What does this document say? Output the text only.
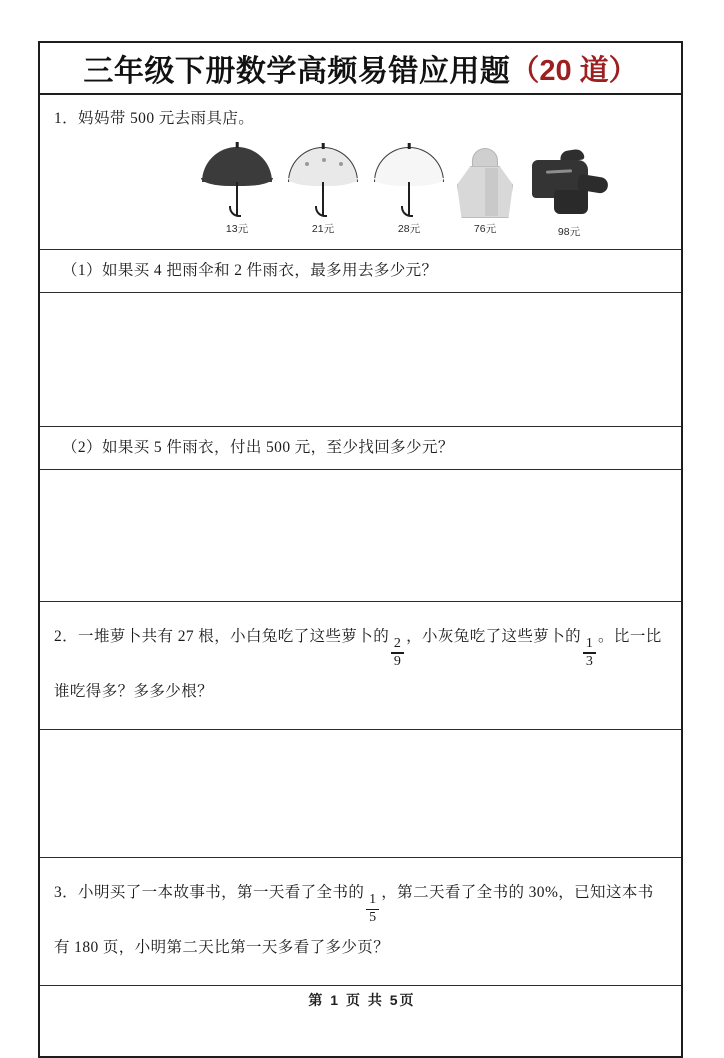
三年级下册数学高频易错应用题 （20 道）
1．妈妈带 500 元去雨具店。
13元	21元	28元	76元	98元
（1）如果买 4 把雨伞和 2 件雨衣，最多用去多少元？
（2）如果买 5 件雨衣，付出 500 元，至少找回多少元？
2．一堆萝卜共有 27 根，小白兔吃了这些萝卜的
$\frac{2}{9}$
，小灰兔吃了这些萝卜的
$\frac{1}{3}$
。比一比谁吃得多？多多少根？
3．小明买了一本故事书，第一天看了全书的
$\frac{1}{5}$
，第二天看了全书的 30%，已知这本书有 180 页，小明第二天比第一天多看了多少页？
第 1 页 共 5页
